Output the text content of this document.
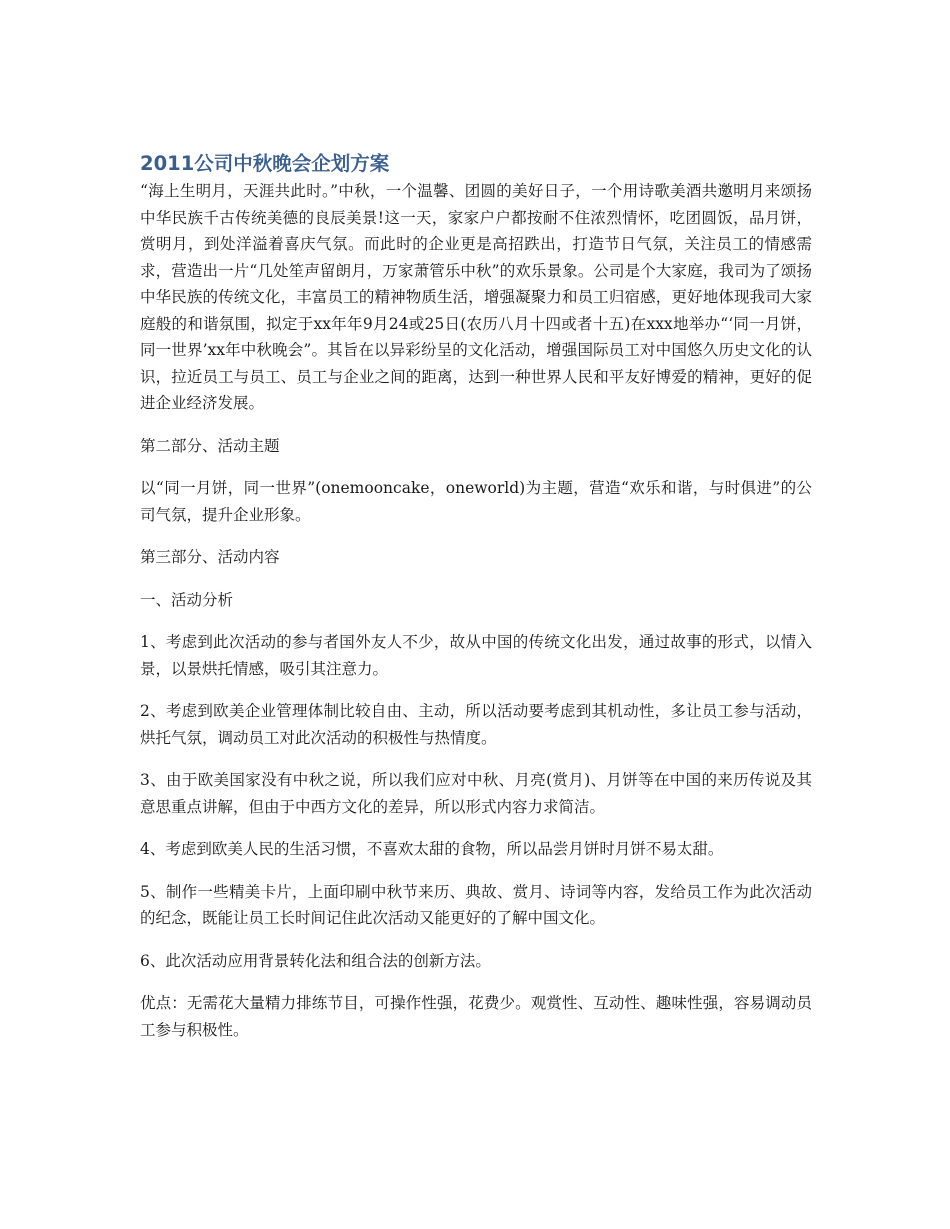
2011公司中秋晚会企划方案

“海上生明月，天涯共此时。”中秋，一个温馨、团圆的美好日子，一个用诗歌美酒共邀明月来颂扬中华民族千古传统美德的良辰美景!这一天，家家户户都按耐不住浓烈情怀，吃团圆饭，品月饼，赏明月，到处洋溢着喜庆气氛。而此时的企业更是高招跌出，打造节日气氛，关注员工的情感需求，营造出一片“几处笙声留朗月，万家萧管乐中秋”的欢乐景象。公司是个大家庭，我司为了颂扬中华民族的传统文化，丰富员工的精神物质生活，增强凝聚力和员工归宿感，更好地体现我司大家庭般的和谐氛围，拟定于xx年年9月24或25日(农历八月十四或者十五)在xxx地举办“‘同一月饼，同一世界’xx年中秋晚会”。其旨在以异彩纷呈的文化活动，增强国际员工对中国悠久历史文化的认识，拉近员工与员工、员工与企业之间的距离，达到一种世界人民和平友好博爱的精神，更好的促进企业经济发展。

第二部分、活动主题

以“同一月饼，同一世界”(onemooncake，oneworld)为主题，营造“欢乐和谐，与时俱进”的公司气氛，提升企业形象。

第三部分、活动内容

一、活动分析

1、考虑到此次活动的参与者国外友人不少，故从中国的传统文化出发，通过故事的形式，以情入景，以景烘托情感，吸引其注意力。

2、考虑到欧美企业管理体制比较自由、主动，所以活动要考虑到其机动性，多让员工参与活动，烘托气氛，调动员工对此次活动的积极性与热情度。

3、由于欧美国家没有中秋之说，所以我们应对中秋、月亮(赏月)、月饼等在中国的来历传说及其意思重点讲解，但由于中西方文化的差异，所以形式内容力求简洁。

4、考虑到欧美人民的生活习惯，不喜欢太甜的食物，所以品尝月饼时月饼不易太甜。

5、制作一些精美卡片，上面印刷中秋节来历、典故、赏月、诗词等内容，发给员工作为此次活动的纪念，既能让员工长时间记住此次活动又能更好的了解中国文化。

6、此次活动应用背景转化法和组合法的创新方法。

优点：无需花大量精力排练节目，可操作性强，花费少。观赏性、互动性、趣味性强，容易调动员工参与积极性。
